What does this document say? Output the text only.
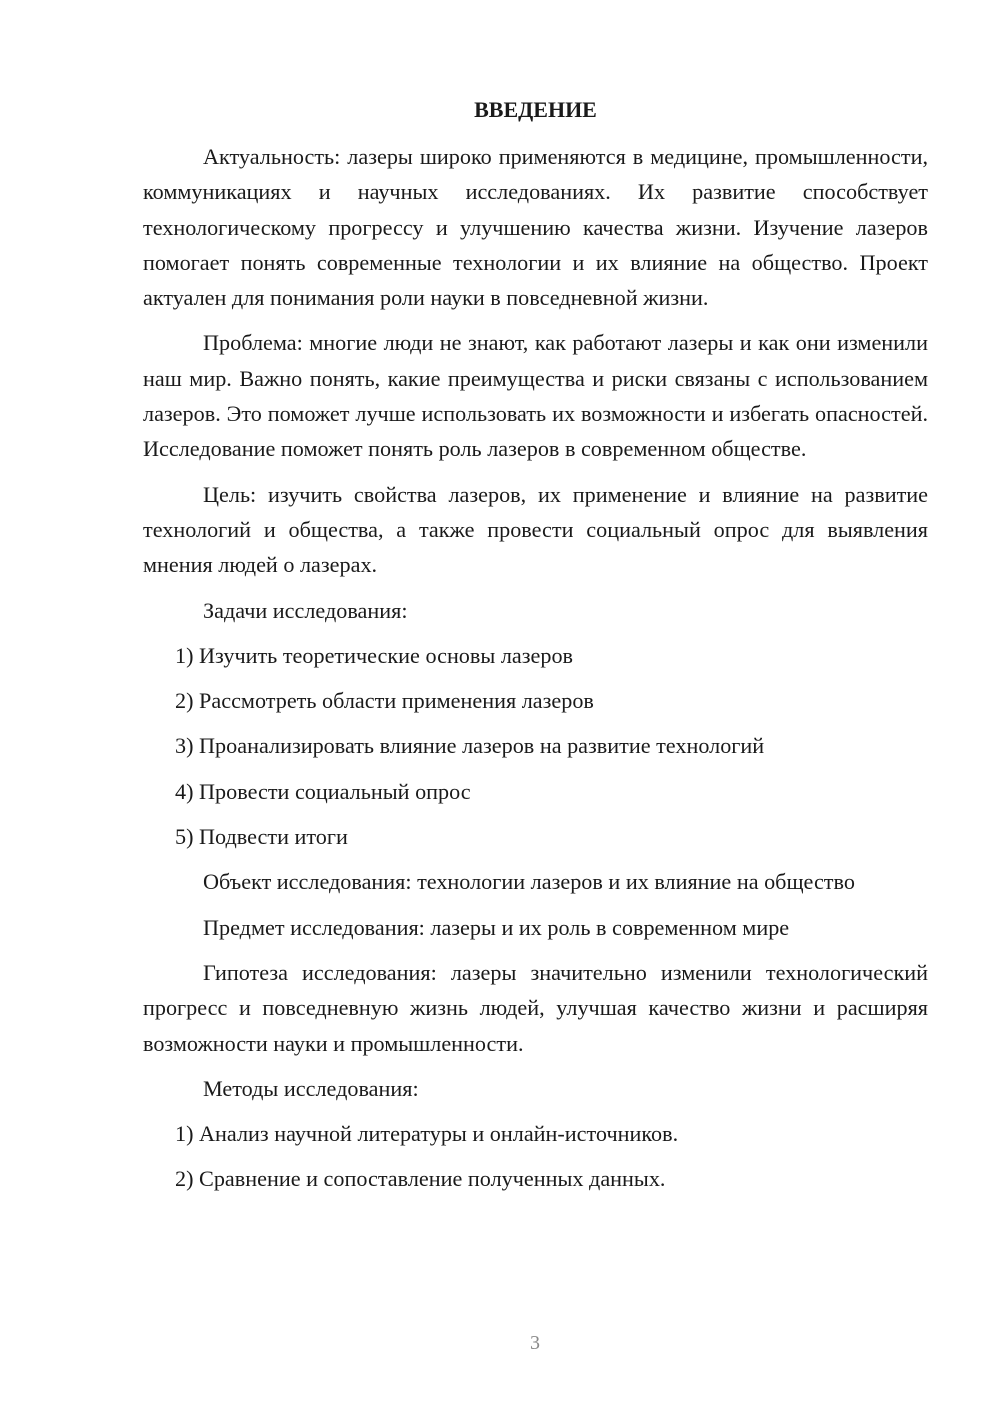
ВВЕДЕНИЕ

Актуальность: лазеры широко применяются в медицине, промышленности, коммуникациях и научных исследованиях. Их развитие способствует технологическому прогрессу и улучшению качества жизни. Изучение лазеров помогает понять современные технологии и их влияние на общество. Проект актуален для понимания роли науки в повседневной жизни.

Проблема: многие люди не знают, как работают лазеры и как они изменили наш мир. Важно понять, какие преимущества и риски связаны с использованием лазеров. Это поможет лучше использовать их возможности и избегать опасностей. Исследование поможет понять роль лазеров в современном обществе.

Цель: изучить свойства лазеров, их применение и влияние на развитие технологий и общества, а также провести социальный опрос для выявления мнения людей о лазерах.

Задачи исследования:

1) Изучить теоретические основы лазеров

2) Рассмотреть области применения лазеров

3) Проанализировать влияние лазеров на развитие технологий

4) Провести социальный опрос

5) Подвести итоги

Объект исследования: технологии лазеров и их влияние на общество

Предмет исследования: лазеры и их роль в современном мире

Гипотеза исследования: лазеры значительно изменили технологический прогресс и повседневную жизнь людей, улучшая качество жизни и расширяя возможности науки и промышленности.

Методы исследования:

1) Анализ научной литературы и онлайн-источников.

2) Сравнение и сопоставление полученных данных.

3
